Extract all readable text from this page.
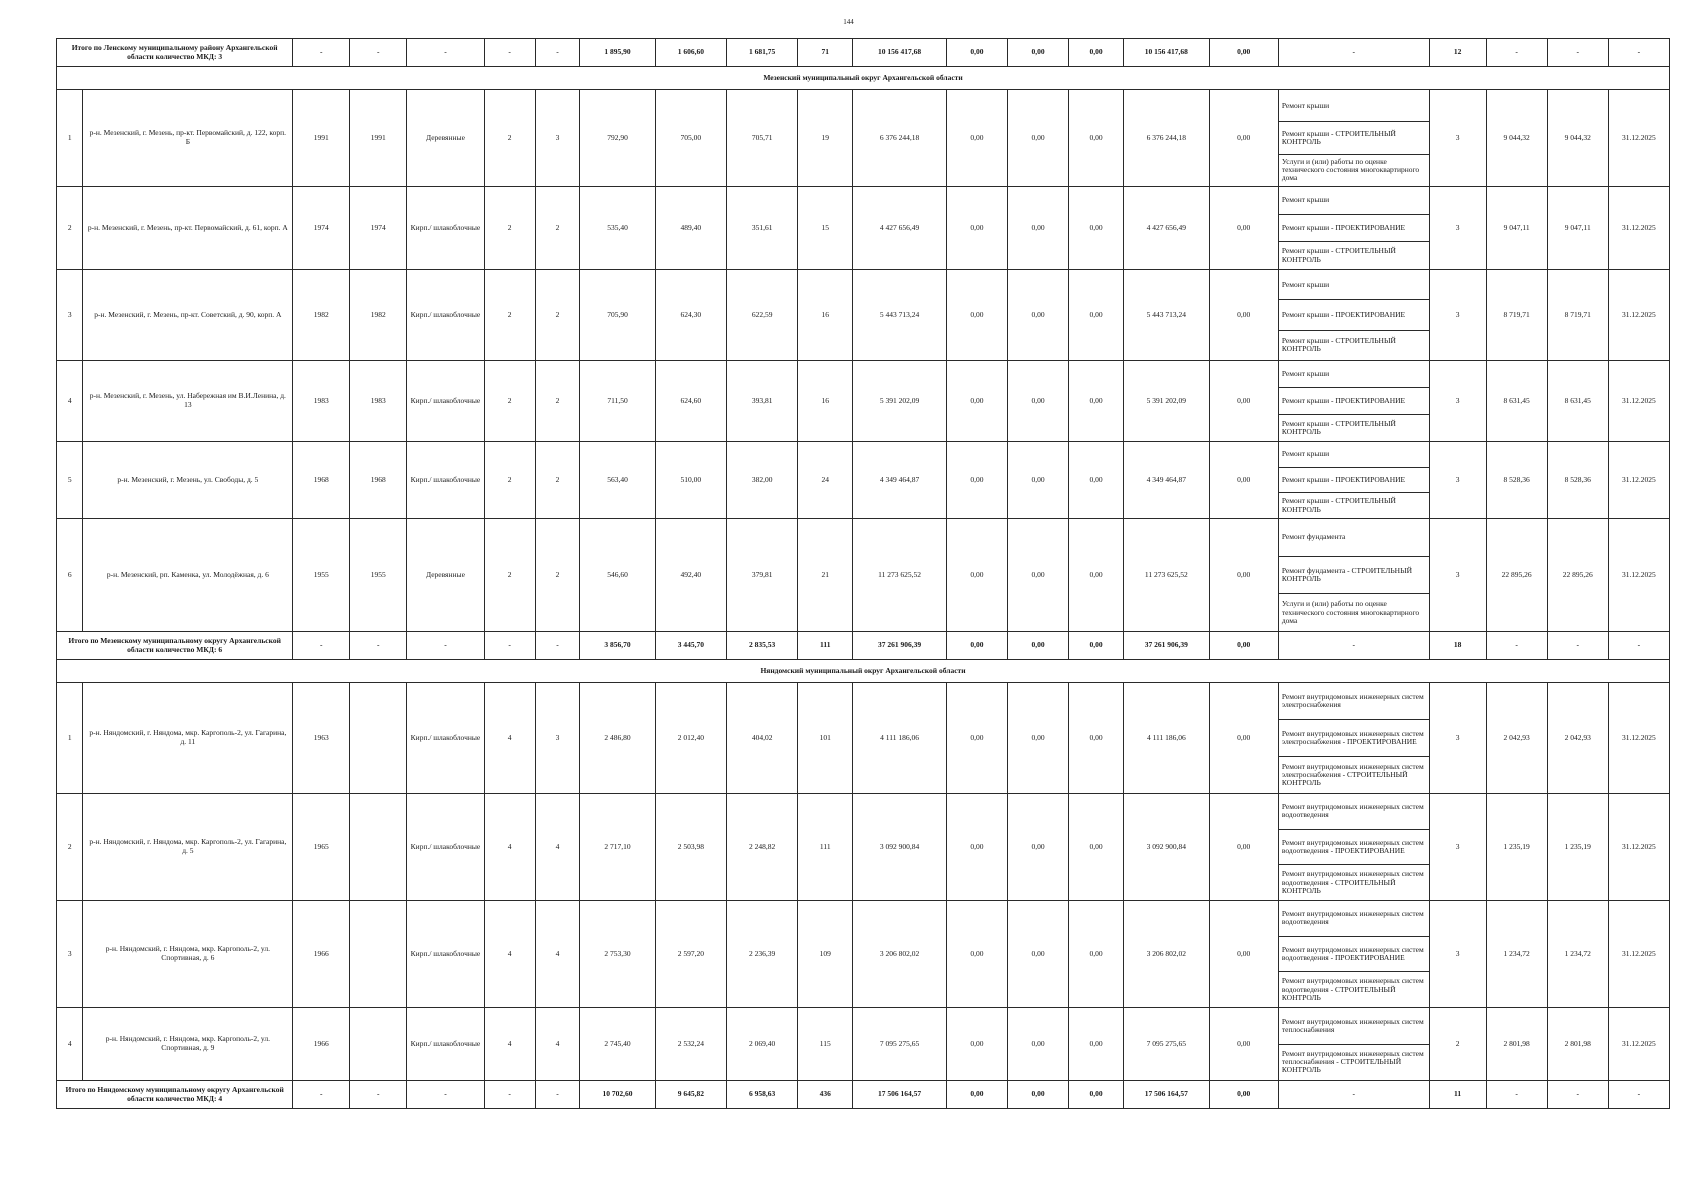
144
Итого по Ленскому муниципальному району Архангельской области количество МКД: 3		-	-	-	-	-	1 895,90	1 606,60	1 681,75	71	10 156 417,68	0,00	0,00	0,00	10 156 417,68	0,00	-	12	-	-	-
Мезенский муниципальный округ Архангельской области																					
1	р-н. Мезенский, г. Мезень, пр-кт. Первомайский, д. 122, корп. Б	1991	1991	Деревянные	2	3	792,90	705,00	705,71	19	6 376 244,18	0,00	0,00	0,00	6 376 244,18	0,00	Ремонт крыши
Ремонт крыши - СТРОИТЕЛЬНЫЙ КОНТРОЛЬ
Услуги и (или) работы по оценке технического состояния многоквартирного дома	3	9 044,32	9 044,32	31.12.2025
2	р-н. Мезенский, г. Мезень, пр-кт. Первомайский, д. 61, корп. А	1974	1974	Кирп./ шлакоблочные	2	2	535,40	489,40	351,61	15	4 427 656,49	0,00	0,00	0,00	4 427 656,49	0,00	Ремонт крыши
Ремонт крыши - ПРОЕКТИРОВАНИЕ
Ремонт крыши - СТРОИТЕЛЬНЫЙ КОНТРОЛЬ	3	9 047,11	9 047,11	31.12.2025
3	р-н. Мезенский, г. Мезень, пр-кт. Советский, д. 90, корп. А	1982	1982	Кирп./ шлакоблочные	2	2	705,90	624,30	622,59	16	5 443 713,24	0,00	0,00	0,00	5 443 713,24	0,00	Ремонт крыши
Ремонт крыши - ПРОЕКТИРОВАНИЕ
Ремонт крыши - СТРОИТЕЛЬНЫЙ КОНТРОЛЬ	3	8 719,71	8 719,71	31.12.2025
4	р-н. Мезенский, г. Мезень, ул. Набережная им В.И.Ленина, д. 13	1983	1983	Кирп./ шлакоблочные	2	2	711,50	624,60	393,81	16	5 391 202,09	0,00	0,00	0,00	5 391 202,09	0,00	Ремонт крыши
Ремонт крыши - ПРОЕКТИРОВАНИЕ
Ремонт крыши - СТРОИТЕЛЬНЫЙ КОНТРОЛЬ	3	8 631,45	8 631,45	31.12.2025
5	р-н. Мезенский, г. Мезень, ул. Свободы, д. 5	1968	1968	Кирп./ шлакоблочные	2	2	563,40	510,00	382,00	24	4 349 464,87	0,00	0,00	0,00	4 349 464,87	0,00	Ремонт крыши
Ремонт крыши - ПРОЕКТИРОВАНИЕ
Ремонт крыши - СТРОИТЕЛЬНЫЙ КОНТРОЛЬ	3	8 528,36	8 528,36	31.12.2025
6	р-н. Мезенский, рп. Каменка, ул. Молодёжная, д. 6	1955	1955	Деревянные	2	2	546,60	492,40	379,81	21	11 273 625,52	0,00	0,00	0,00	11 273 625,52	0,00	Ремонт фундамента
Ремонт фундамента - СТРОИТЕЛЬНЫЙ КОНТРОЛЬ
Услуги и (или) работы по оценке технического состояния многоквартирного дома	3	22 895,26	22 895,26	31.12.2025
Итого по Мезенскому муниципальному округу Архангельской области количество МКД: 6		-	-	-	-	-	3 856,70	3 445,70	2 835,53	111	37 261 906,39	0,00	0,00	0,00	37 261 906,39	0,00	-	18	-	-	-
Няндомский муниципальный округ Архангельской области																					
1	р-н. Няндомский, г. Няндома, мкр. Каргополь-2, ул. Гагарина, д. 11	1963		Кирп./ шлакоблочные	4	3	2 486,80	2 012,40	404,02	101	4 111 186,06	0,00	0,00	0,00	4 111 186,06	0,00	Ремонт внутридомовых инженерных систем электроснабжения
Ремонт внутридомовых инженерных систем электроснабжения - ПРОЕКТИРОВАНИЕ
Ремонт внутридомовых инженерных систем электроснабжения - СТРОИТЕЛЬНЫЙ КОНТРОЛЬ	3	2 042,93	2 042,93	31.12.2025
2	р-н. Няндомский, г. Няндома, мкр. Каргополь-2, ул. Гагарина, д. 5	1965		Кирп./ шлакоблочные	4	4	2 717,10	2 503,98	2 248,82	111	3 092 900,84	0,00	0,00	0,00	3 092 900,84	0,00	Ремонт внутридомовых инженерных систем водоотведения
Ремонт внутридомовых инженерных систем водоотведения - ПРОЕКТИРОВАНИЕ
Ремонт внутридомовых инженерных систем водоотведения - СТРОИТЕЛЬНЫЙ КОНТРОЛЬ	3	1 235,19	1 235,19	31.12.2025
3	р-н. Няндомский, г. Няндома, мкр. Каргополь-2, ул. Спортивная, д. 6	1966		Кирп./ шлакоблочные	4	4	2 753,30	2 597,20	2 236,39	109	3 206 802,02	0,00	0,00	0,00	3 206 802,02	0,00	Ремонт внутридомовых инженерных систем водоотведения
Ремонт внутридомовых инженерных систем водоотведения - ПРОЕКТИРОВАНИЕ
Ремонт внутридомовых инженерных систем водоотведения - СТРОИТЕЛЬНЫЙ КОНТРОЛЬ	3	1 234,72	1 234,72	31.12.2025
4	р-н. Няндомский, г. Няндома, мкр. Каргополь-2, ул. Спортивная, д. 9	1966		Кирп./ шлакоблочные	4	4	2 745,40	2 532,24	2 069,40	115	7 095 275,65	0,00	0,00	0,00	7 095 275,65	0,00	Ремонт внутридомовых инженерных систем теплоснабжения
Ремонт внутридомовых инженерных систем теплоснабжения - СТРОИТЕЛЬНЫЙ КОНТРОЛЬ	2	2 801,98	2 801,98	31.12.2025
Итого по Няндомскому муниципальному округу Архангельской области количество МКД: 4		-	-	-	-	-	10 702,60	9 645,82	6 958,63	436	17 506 164,57	0,00	0,00	0,00	17 506 164,57	0,00	-	11	-	-	-
